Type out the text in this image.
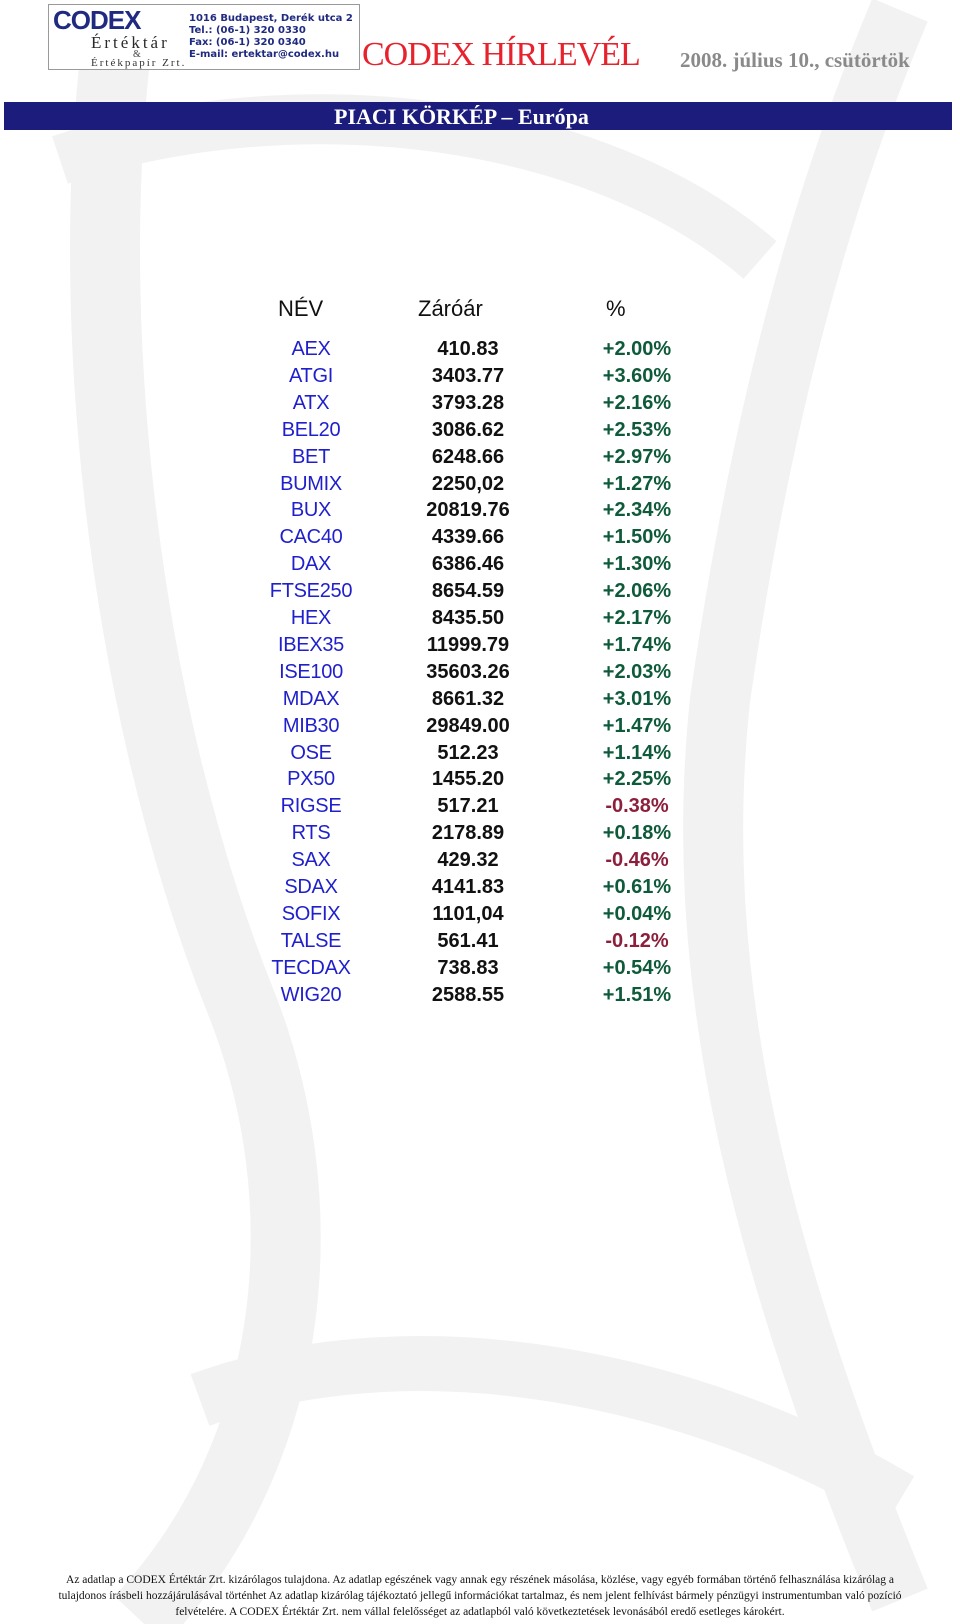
CODEX
Értéktár
&
Értékpapír Zrt.
1016 Budapest, Derék utca 2
Tel.: (06-1) 320 0330
Fax: (06-1) 320 0340
E-mail: ertektar@codex.hu CODEX HÍRLEVÉL 2008. július 10., csütörtök
PIACI KÖRKÉP – Európa
NÉV	Záróár	%
AEX	410.83	+2.00%
ATGI	3403.77	+3.60%
ATX	3793.28	+2.16%
BEL20	3086.62	+2.53%
BET	6248.66	+2.97%
BUMIX	2250,02	+1.27%
BUX	20819.76	+2.34%
CAC40	4339.66	+1.50%
DAX	6386.46	+1.30%
FTSE250	8654.59	+2.06%
HEX	8435.50	+2.17%
IBEX35	11999.79	+1.74%
ISE100	35603.26	+2.03%
MDAX	8661.32	+3.01%
MIB30	29849.00	+1.47%
OSE	512.23	+1.14%
PX50	1455.20	+2.25%
RIGSE	517.21	-0.38%
RTS	2178.89	+0.18%
SAX	429.32	-0.46%
SDAX	4141.83	+0.61%
SOFIX	1101,04	+0.04%
TALSE	561.41	-0.12%
TECDAX	738.83	+0.54%
WIG20	2588.55	+1.51%
Az adatlap a CODEX Értéktár Zrt. kizárólagos tulajdona. Az adatlap egészének vagy annak egy részének másolása, közlése, vagy egyéb formában történő felhasználása kizárólag a
tulajdonos írásbeli hozzájárulásával történhet Az adatlap kizárólag tájékoztató jellegű információkat tartalmaz, és nem jelent felhívást bármely pénzügyi instrumentumban való pozíció
felvételére. A CODEX Értéktár Zrt. nem vállal felelősséget az adatlapból való következtetések levonásából eredő esetleges károkért.
